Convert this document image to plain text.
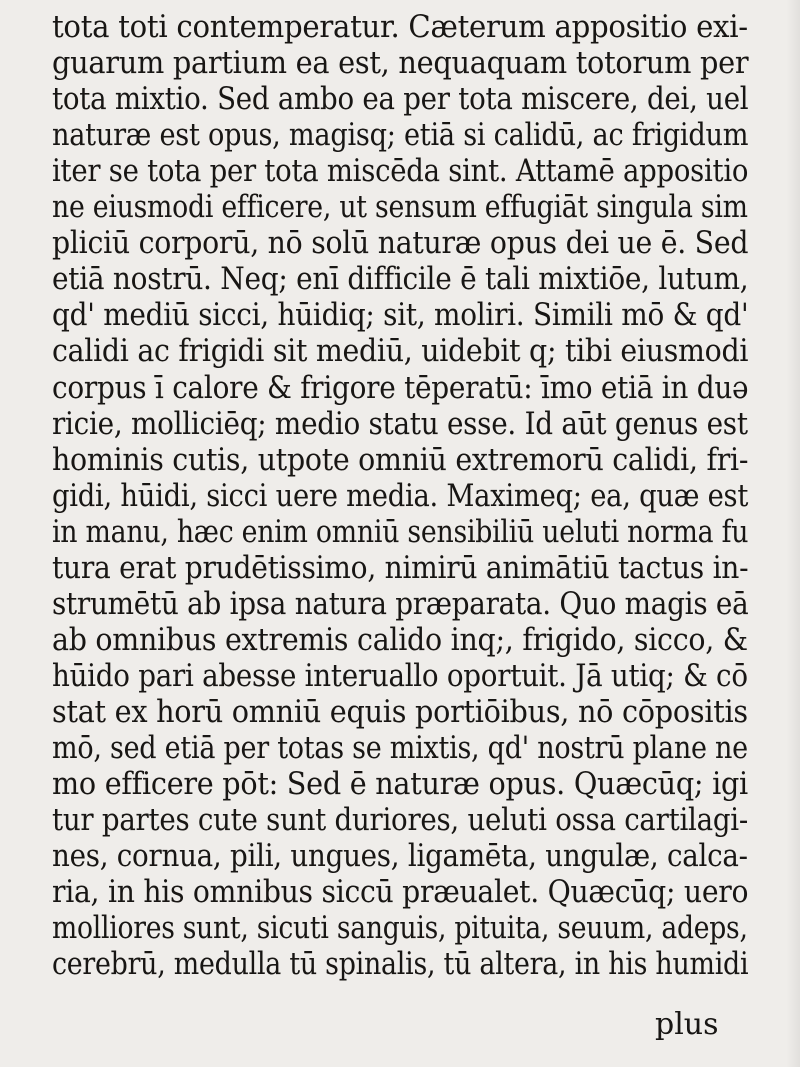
tota toti contemperatur. Cæterum appositio exi-
guarum partium ea est, nequaquam totorum per
tota mixtio. Sed ambo ea per tota miscere, dei, uel
naturæ est opus, magisq; etiā si calidū, ac frigidum
iter se tota per tota miscēda sint. Attamē appositio
ne eiusmodi efficere, ut sensum effugiāt singula sim
pliciū corporū, nō solū naturæ opus dei ue ē. Sed
etiā nostrū. Neq; enī difficile ē tali mixtiōe, lutum,
qd' mediū sicci, hūidiq; sit, moliri. Simili mō & qd'
calidi ac frigidi sit mediū, uidebit q; tibi eiusmodi
corpus ī calore & frigore tēperatū: īmo etiā in duə
ricie, molliciēq; medio statu esse. Id aūt genus est
hominis cutis, utpote omniū extremorū calidi, fri-
gidi, hūidi, sicci uere media. Maximeq; ea, quæ est
in manu, hæc enim omniū sensibiliū ueluti norma fu
tura erat prudētissimo, nimirū animātiū tactus in-
strumētū ab ipsa natura præparata. Quo magis eā
ab omnibus extremis calido inq;, frigido, sicco, &
hūido pari abesse interuallo oportuit. Jā utiq; & cō
stat ex horū omniū equis portiōibus, nō cōpositis
mō, sed etiā per totas se mixtis, qd' nostrū plane ne
mo efficere pōt: Sed ē naturæ opus. Quæcūq; igi
tur partes cute sunt duriores, ueluti ossa cartilagi-
nes, cornua, pili, ungues, ligamēta, ungulæ, calca-
ria, in his omnibus siccū præualet. Quæcūq; uero
molliores sunt, sicuti sanguis, pituita, seuum, adeps,
cerebrū, medulla tū spinalis, tū altera, in his humidi
plus
